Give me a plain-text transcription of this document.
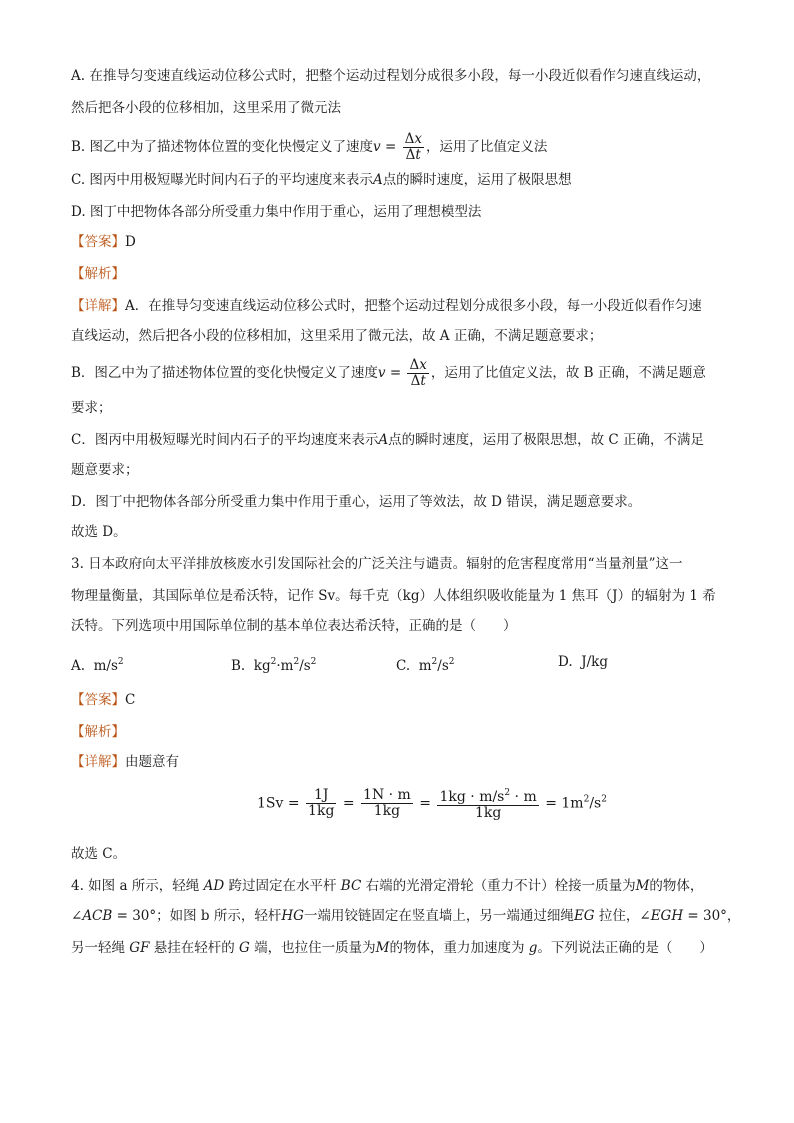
A. 在推导匀变速直线运动位移公式时，把整个运动过程划分成很多小段，每一小段近似看作匀速直线运动，
然后把各小段的位移相加，这里采用了微元法
B. 图乙中为了描述物体位置的变化快慢定义了速度$v = \frac{\Delta x}{\Delta t}$ ，运用了比值定义法
C. 图丙中用极短曝光时间内石子的平均速度来表示A点的瞬时速度，运用了极限思想
D. 图丁中把物体各部分所受重力集中作用于重心，运用了理想模型法
【答案】D
【解析】
【详解】A．在推导匀变速直线运动位移公式时，把整个运动过程划分成很多小段，每一小段近似看作匀速
直线运动，然后把各小段的位移相加，这里采用了微元法，故 A 正确，不满足题意要求；
B．图乙中为了描述物体位置的变化快慢定义了速度$v = \frac{\Delta x}{\Delta t}$ ，运用了比值定义法，故 B 正确，不满足题意
要求；
C．图丙中用极短曝光时间内石子的平均速度来表示A点的瞬时速度，运用了极限思想，故 C 正确，不满足
题意要求；
D．图丁中把物体各部分所受重力集中作用于重心，运用了等效法，故 D 错误，满足题意要求。
故选 D。
3. 日本政府向太平洋排放核废水引发国际社会的广泛关注与谴责。辐射的危害程度常用“当量剂量”这一
物理量衡量，其国际单位是希沃特，记作 Sv。每千克（kg）人体组织吸收能量为 1 焦耳（J）的辐射为 1 希
沃特。下列选项中用国际单位制的基本单位表达希沃特，正确的是（　　）
A.  $m/s^2$	B.  $kg^2\cdot m^2/s^2$	C.  $m^2/s^2$	D.  J/kg
【答案】C
【解析】
【详解】由题意有
$1Sv = \frac{1J}{1kg} = \frac{1N \cdot m}{1kg} = \frac{1kg \cdot m/s^2 \cdot m}{1kg} = 1m^2/s^2$
故选 C。
4. 如图 a 所示，轻绳 AD 跨过固定在水平杆 BC 右端的光滑定滑轮（重力不计）栓接一质量为M的物体，
∠ACB = 30°；如图 b 所示，轻杆HG一端用铰链固定在竖直墙上，另一端通过细绳EG 拉住，∠EGH = 30°，
另一轻绳 GF 悬挂在轻杆的 G 端，也拉住一质量为M的物体，重力加速度为 g。下列说法正确的是（　　）
